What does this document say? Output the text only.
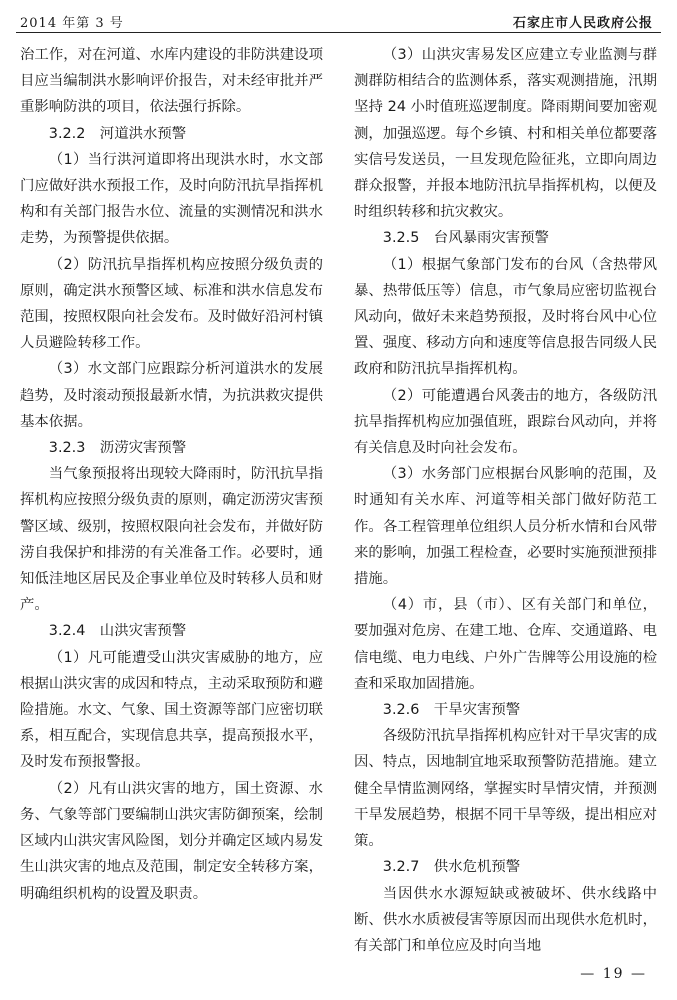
2014 年第 3 号	石家庄市人民政府公报

治工作，对在河道、水库内建设的非防洪建设项目应当编制洪水影响评价报告，对未经审批并严重影响防洪的项目，依法强行拆除。

3.2.2　河道洪水预警

（1）当行洪河道即将出现洪水时，水文部门应做好洪水预报工作，及时向防汛抗旱指挥机构和有关部门报告水位、流量的实测情况和洪水走势，为预警提供依据。

（2）防汛抗旱指挥机构应按照分级负责的原则，确定洪水预警区域、标准和洪水信息发布范围，按照权限向社会发布。及时做好沿河村镇人员避险转移工作。

（3）水文部门应跟踪分析河道洪水的发展趋势，及时滚动预报最新水情，为抗洪救灾提供基本依据。

3.2.3　沥涝灾害预警

当气象预报将出现较大降雨时，防汛抗旱指挥机构应按照分级负责的原则，确定沥涝灾害预警区域、级别，按照权限向社会发布，并做好防涝自我保护和排涝的有关准备工作。必要时，通知低洼地区居民及企事业单位及时转移人员和财产。

3.2.4　山洪灾害预警

（1）凡可能遭受山洪灾害威胁的地方，应根据山洪灾害的成因和特点，主动采取预防和避险措施。水文、气象、国土资源等部门应密切联系，相互配合，实现信息共享，提高预报水平，及时发布预报警报。

（2）凡有山洪灾害的地方，国土资源、水务、气象等部门要编制山洪灾害防御预案，绘制区域内山洪灾害风险图，划分并确定区域内易发生山洪灾害的地点及范围，制定安全转移方案，明确组织机构的设置及职责。

（3）山洪灾害易发区应建立专业监测与群测群防相结合的监测体系，落实观测措施，汛期坚持 24 小时值班巡逻制度。降雨期间要加密观测，加强巡逻。每个乡镇、村和相关单位都要落实信号发送员，一旦发现危险征兆，立即向周边群众报警，并报本地防汛抗旱指挥机构，以便及时组织转移和抗灾救灾。

3.2.5　台风暴雨灾害预警

（1）根据气象部门发布的台风（含热带风暴、热带低压等）信息，市气象局应密切监视台风动向，做好未来趋势预报，及时将台风中心位置、强度、移动方向和速度等信息报告同级人民政府和防汛抗旱指挥机构。

（2）可能遭遇台风袭击的地方，各级防汛抗旱指挥机构应加强值班，跟踪台风动向，并将有关信息及时向社会发布。

（3）水务部门应根据台风影响的范围，及时通知有关水库、河道等相关部门做好防范工作。各工程管理单位组织人员分析水情和台风带来的影响，加强工程检查，必要时实施预泄预排措施。

（4）市，县（市）、区有关部门和单位，要加强对危房、在建工地、仓库、交通道路、电信电缆、电力电线、户外广告牌等公用设施的检查和采取加固措施。

3.2.6　干旱灾害预警

各级防汛抗旱指挥机构应针对干旱灾害的成因、特点，因地制宜地采取预警防范措施。建立健全旱情监测网络，掌握实时旱情灾情，并预测干旱发展趋势，根据不同干旱等级，提出相应对策。

3.2.7　供水危机预警

当因供水水源短缺或被破坏、供水线路中断、供水水质被侵害等原因而出现供水危机时，有关部门和单位应及时向当地

— 19 —
